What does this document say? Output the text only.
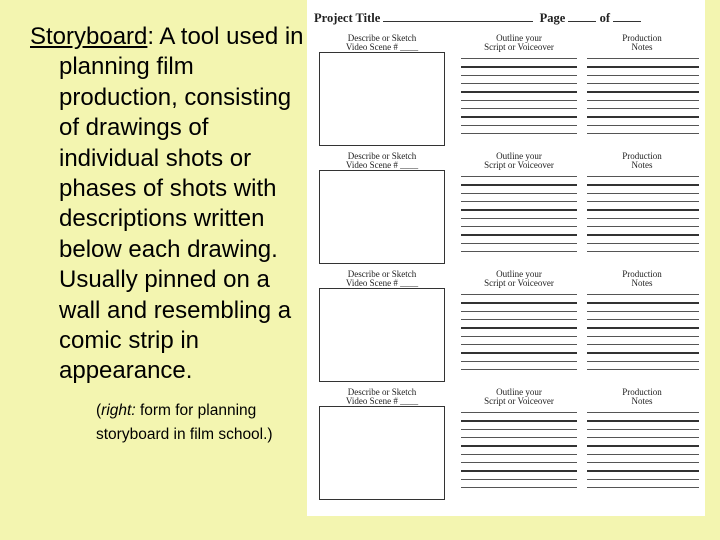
Storyboard: A tool used in planning film production, consisting of drawings of individual shots or phases of shots with descriptions written below each drawing. Usually pinned on a wall and resembling a comic strip in appearance.

(right: form for planning storyboard in film school.)
Project Title	Page	of
Describe or Sketch
Video Scene # ____
Outline your
Script or Voiceover
Production
Notes
Describe or Sketch
Video Scene # ____
Outline your
Script or Voiceover
Production
Notes
Describe or Sketch
Video Scene # ____
Outline your
Script or Voiceover
Production
Notes
Describe or Sketch
Video Scene # ____
Outline your
Script or Voiceover
Production
Notes
